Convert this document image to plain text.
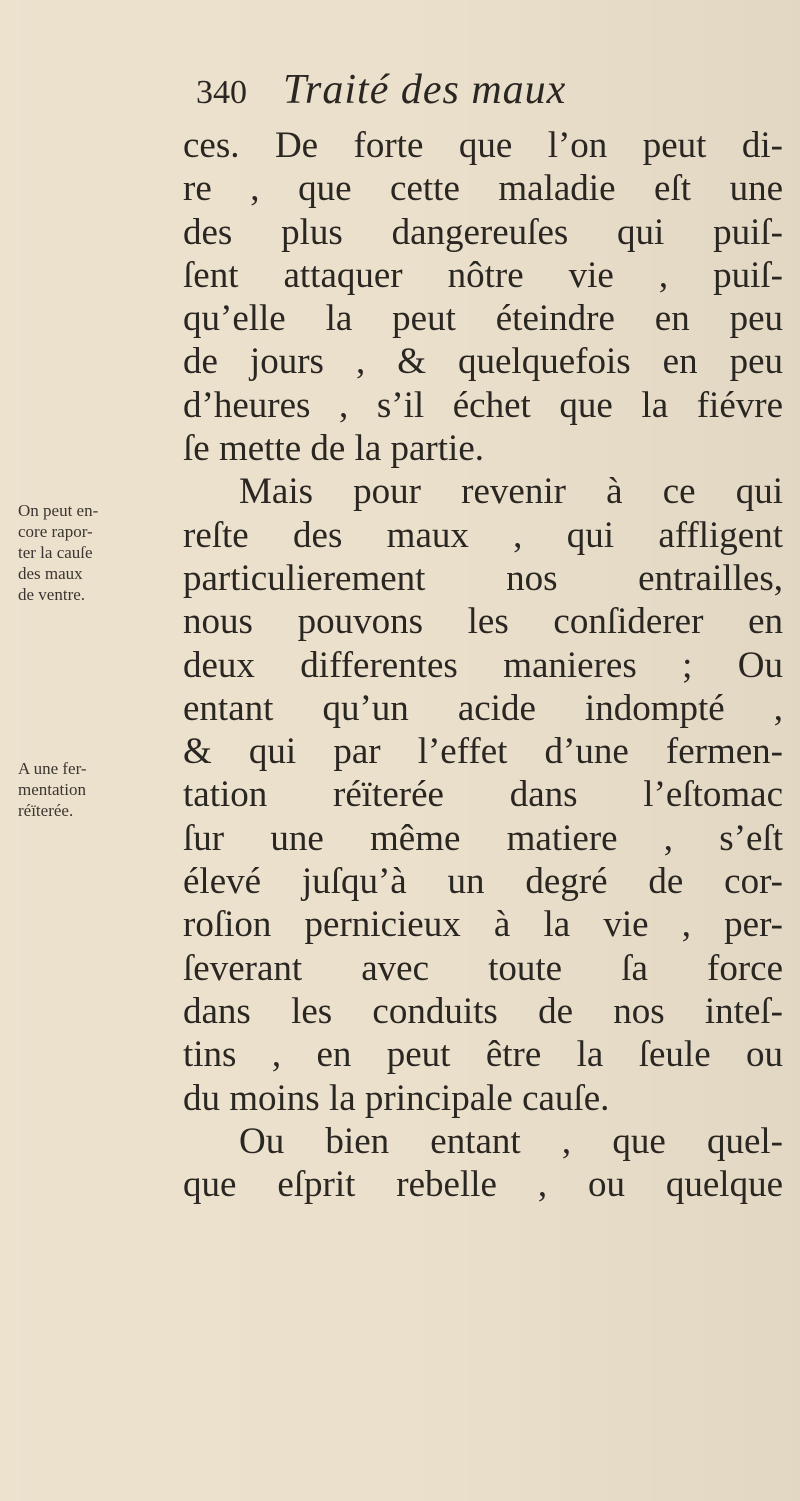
340 Traité des maux
On peut en-
core rapor-
ter la cauſe
des maux
de ventre.
A une fer-
mentation
réïterée.
ces. De forte que l’on peut di-
re , que cette maladie eſt une
des plus dangereuſes qui puiſ-
ſent attaquer nôtre vie , puiſ-
qu’elle la peut éteindre en peu
de jours , & quelquefois en peu
d’heures , s’il échet que la fiévre
ſe mette de la partie.
Mais pour revenir à ce qui
reſte des maux , qui affligent
particulierement nos entrailles,
nous pouvons les conſiderer en
deux differentes manieres ; Ou
entant qu’un acide indompté ,
& qui par l’effet d’une fermen-
tation réïterée dans l’eſtomac
ſur une même matiere , s’eſt
élevé juſqu’à un degré de cor-
roſion pernicieux à la vie , per-
ſeverant avec toute ſa force
dans les conduits de nos inteſ-
tins , en peut être la ſeule ou
du moins la principale cauſe.
Ou bien entant , que quel-
que eſprit rebelle , ou quelque
